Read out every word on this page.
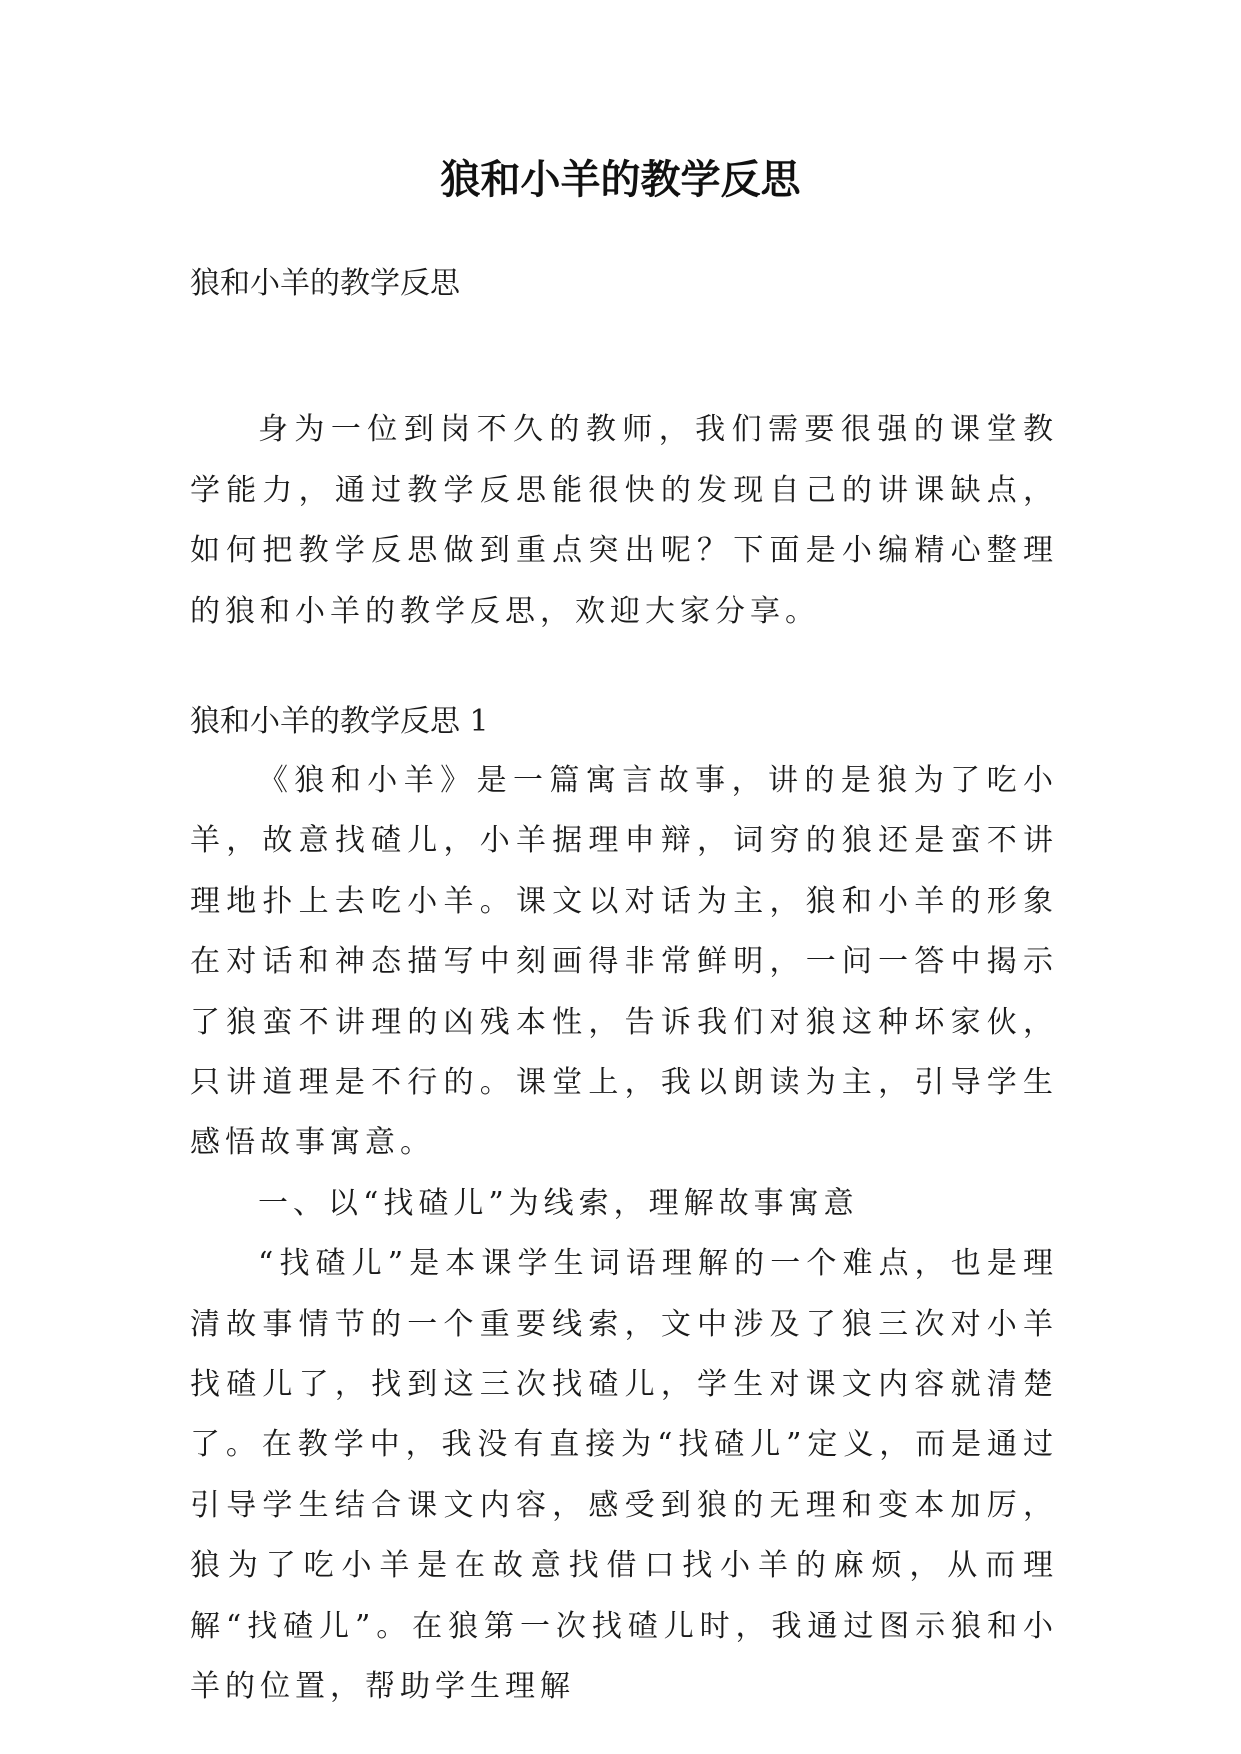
狼和小羊的教学反思

狼和小羊的教学反思

身为一位到岗不久的教师，我们需要很强的课堂教学能力，通过教学反思能很快的发现自己的讲课缺点，如何把教学反思做到重点突出呢？下面是小编精心整理的狼和小羊的教学反思，欢迎大家分享。

狼和小羊的教学反思 1

《狼和小羊》是一篇寓言故事，讲的是狼为了吃小羊，故意找碴儿，小羊据理申辩，词穷的狼还是蛮不讲理地扑上去吃小羊。课文以对话为主，狼和小羊的形象在对话和神态描写中刻画得非常鲜明，一问一答中揭示了狼蛮不讲理的凶残本性，告诉我们对狼这种坏家伙，只讲道理是不行的。课堂上，我以朗读为主，引导学生感悟故事寓意。

一、以“找碴儿”为线索，理解故事寓意

“找碴儿”是本课学生词语理解的一个难点，也是理清故事情节的一个重要线索，文中涉及了狼三次对小羊找碴儿了，找到这三次找碴儿，学生对课文内容就清楚了。在教学中，我没有直接为“找碴儿”定义，而是通过引导学生结合课文内容，感受到狼的无理和变本加厉，狼为了吃小羊是在故意找借口找小羊的麻烦，从而理解“找碴儿”。在狼第一次找碴儿时，我通过图示狼和小羊的位置，帮助学生理解
